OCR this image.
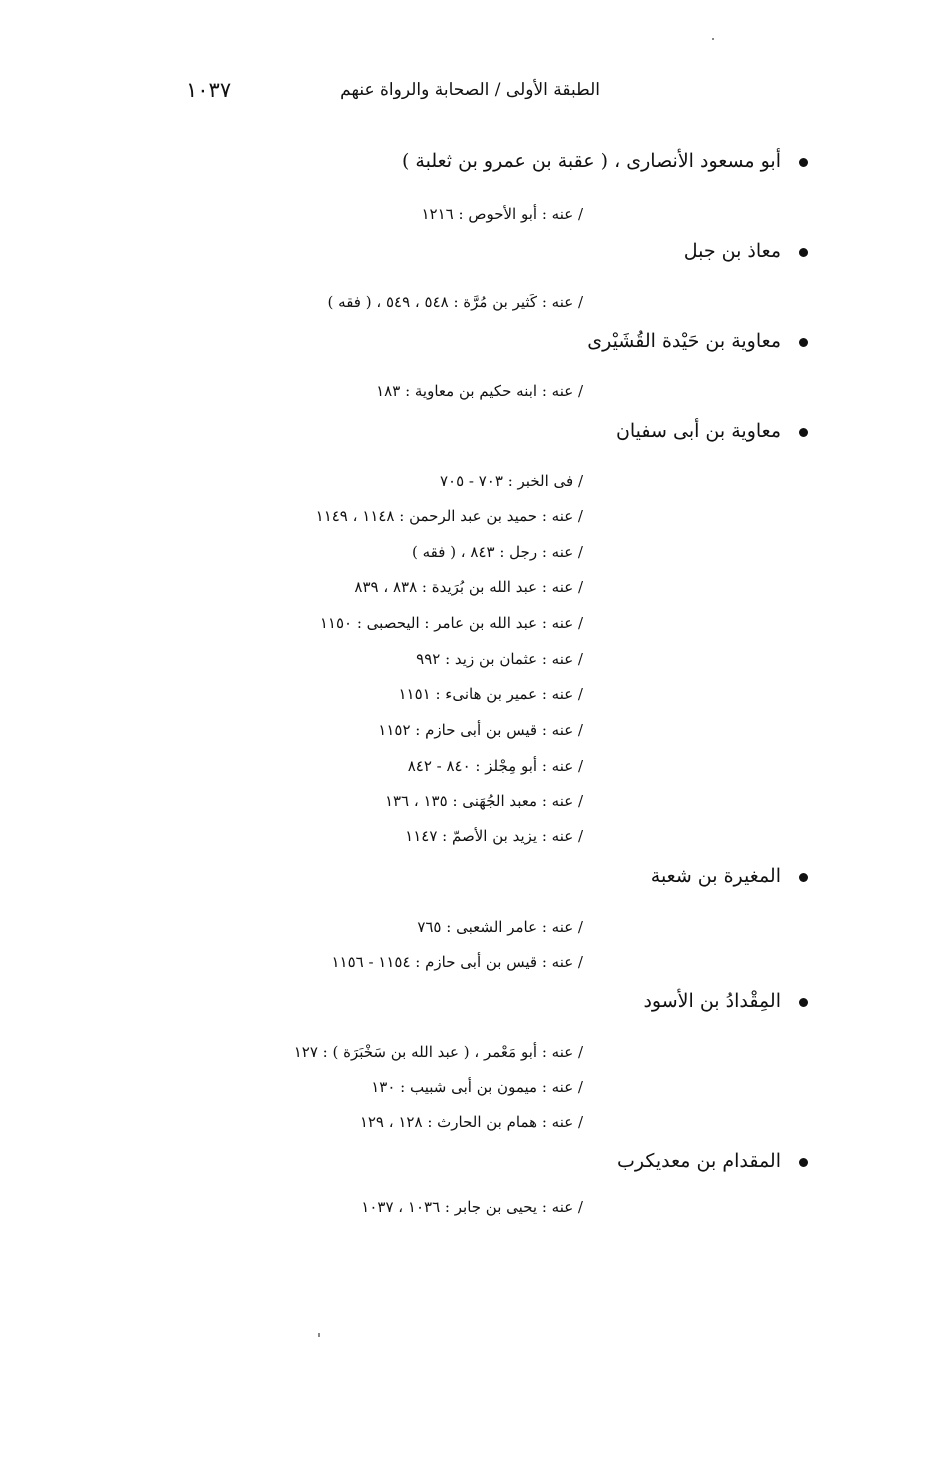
الطبقة الأولى / الصحابة والرواة عنهم
١٠٣٧
أبو مسعود الأنصارى ، ( عقبة بن عمرو بن ثعلبة )
/ عنه : أبو الأحوص : ١٢١٦
معاذ بن جبل
/ عنه : كَثير بن مُرَّة : ٥٤٨ ، ٥٤٩ ، ( فقه )
معاوية بن حَيْدة القُشَيْرى
/ عنه : ابنه حكيم بن معاوية : ١٨٣
معاوية بن أبى سفيان
/ فى الخبر : ٧٠٣ - ٧٠٥
/ عنه : حميد بن عبد الرحمن : ١١٤٨ ، ١١٤٩
/ عنه : رجل : ٨٤٣ ، ( فقه )
/ عنه : عبد الله بن بُرَيدة : ٨٣٨ ، ٨٣٩
/ عنه : عبد الله بن عامر : اليحصبى : ١١٥٠
/ عنه : عثمان بن زيد : ٩٩٢
/ عنه : عمير بن هانىء : ١١٥١
/ عنه : قيس بن أبى حازم : ١١٥٢
/ عنه : أبو مِجْلز : ٨٤٠ - ٨٤٢
/ عنه : معبد الجُهَنى : ١٣٥ ، ١٣٦
/ عنه : يزيد بن الأصمّ : ١١٤٧
المغيرة بن شعبة
/ عنه : عامر الشعبى : ٧٦٥
/ عنه : قيس بن أبى حازم : ١١٥٤ - ١١٥٦
المِقْدادُ بن الأسود
/ عنه : أبو مَعْمر ، ( عبد الله بن سَخْبَرَة ) : ١٢٧
/ عنه : ميمون بن أبى شبيب : ١٣٠
/ عنه : همام بن الحارث : ١٢٨ ، ١٢٩
المقدام بن معديكرب
/ عنه : يحيى بن جابر : ١٠٣٦ ، ١٠٣٧
